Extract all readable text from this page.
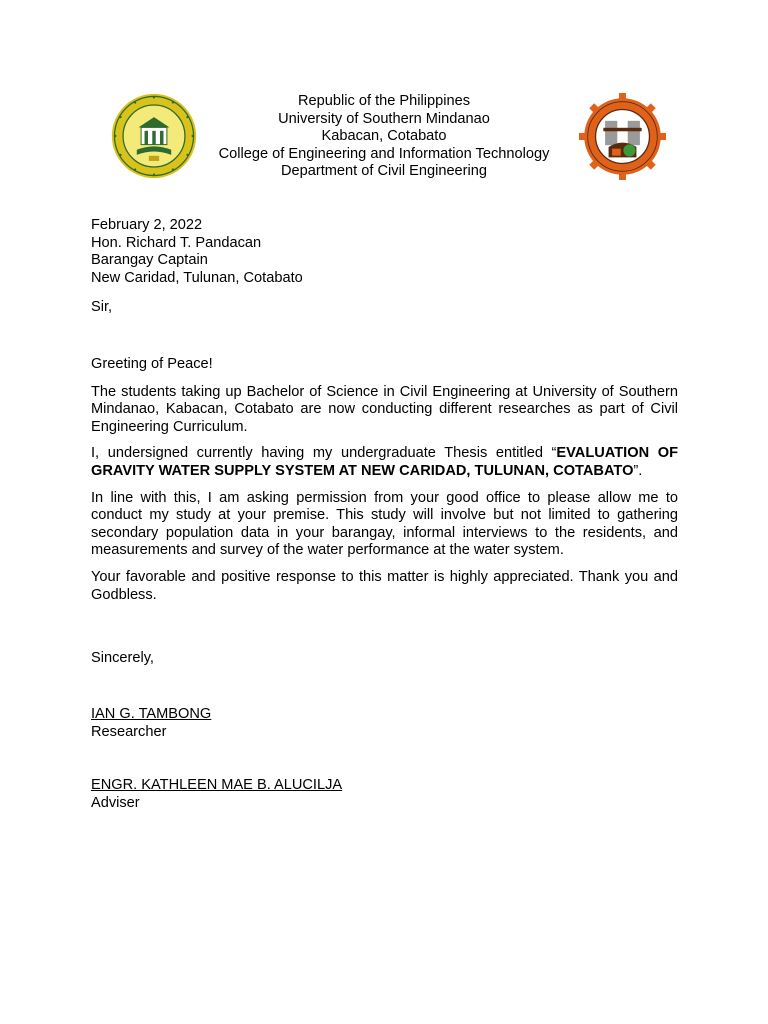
Republic of the Philippines
University of Southern Mindanao
Kabacan, Cotabato
College of Engineering and Information Technology
Department of Civil Engineering
February 2, 2022
Hon. Richard T. Pandacan
Barangay Captain
New Caridad, Tulunan, Cotabato
Sir,

Greeting of Peace!

The students taking up Bachelor of Science in Civil Engineering at University of Southern Mindanao, Kabacan, Cotabato are now conducting different researches as part of Civil Engineering Curriculum.

I, undersigned currently having my undergraduate Thesis entitled “EVALUATION OF GRAVITY WATER SUPPLY SYSTEM AT NEW CARIDAD, TULUNAN, COTABATO”.

In line with this, I am asking permission from your good office to please allow me to conduct my study at your premise. This study will involve but not limited to gathering secondary population data in your barangay, informal interviews to the residents, and measurements and survey of the water performance at the water system.

Your favorable and positive response to this matter is highly appreciated. Thank you and Godbless.

Sincerely,
IAN G. TAMBONG
Researcher
ENGR. KATHLEEN MAE B. ALUCILJA
Adviser
